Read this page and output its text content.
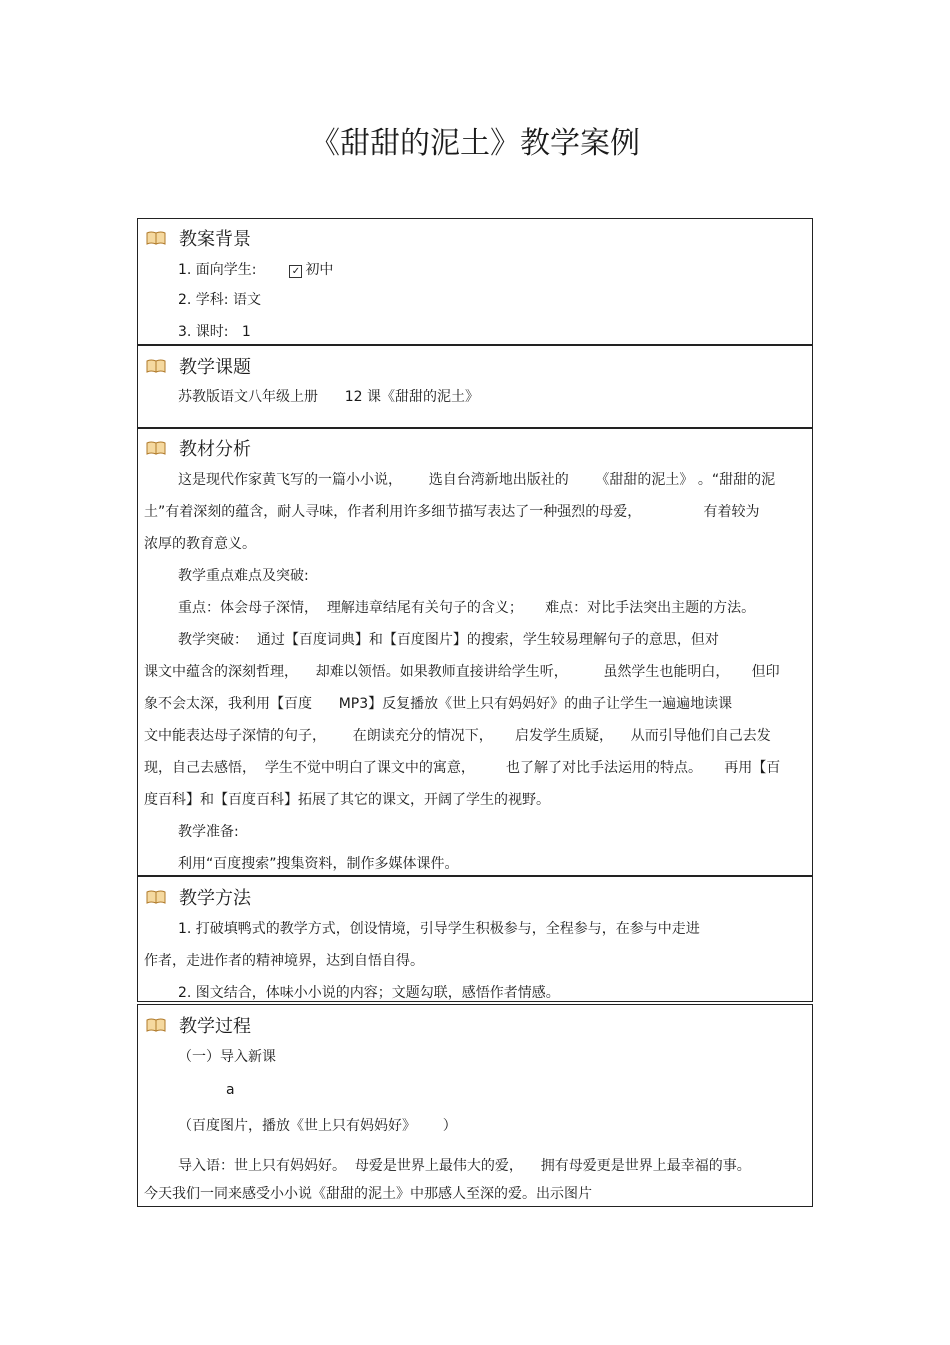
《甜甜的泥土》教学案例
教案背景
1. 面向学生:	✓ 初中
2. 学科: 语文
3. 课时:   1
教学课题
苏教版语文八年级上册      12 课《甜甜的泥土》
教材分析
这是现代作家黄飞写的一篇小小说，      选自台湾新地出版社的      《甜甜的泥土》 。“甜甜的泥
土”有着深刻的蕴含，耐人寻味，作者利用许多细节描写表达了一种强烈的母爱，              有着较为
浓厚的教育意义。
教学重点难点及突破:
重点：体会母子深情，  理解违章结尾有关句子的含义；     难点：对比手法突出主题的方法。
教学突破：  通过【百度词典】和【百度图片】的搜索，学生较易理解句子的意思，但对
课文中蕴含的深刻哲理，    却难以领悟。如果教师直接讲给学生听，        虽然学生也能明白，     但印
象不会太深，我利用【百度      MP3】反复播放《世上只有妈妈好》的曲子让学生一遍遍地读课
文中能表达母子深情的句子，      在朗读充分的情况下，     启发学生质疑，    从而引导他们自己去发
现，自己去感悟，  学生不觉中明白了课文中的寓意，       也了解了对比手法运用的特点。     再用【百
度百科】和【百度百科】拓展了其它的课文，开阔了学生的视野。
教学准备:
利用“百度搜索”搜集资料，制作多媒体课件。
教学方法
1. 打破填鸭式的教学方式，创设情境，引导学生积极参与，全程参与，在参与中走进
作者，走进作者的精神境界，达到自悟自得。
2. 图文结合，体味小小说的内容；文题勾联，感悟作者情感。
教学过程
（一）导入新课
a
（百度图片，播放《世上只有妈妈好》      ）
导入语：世上只有妈妈好。  母爱是世界上最伟大的爱，    拥有母爱更是世界上最幸福的事。
今天我们一同来感受小小说《甜甜的泥土》中那感人至深的爱。出示图片
